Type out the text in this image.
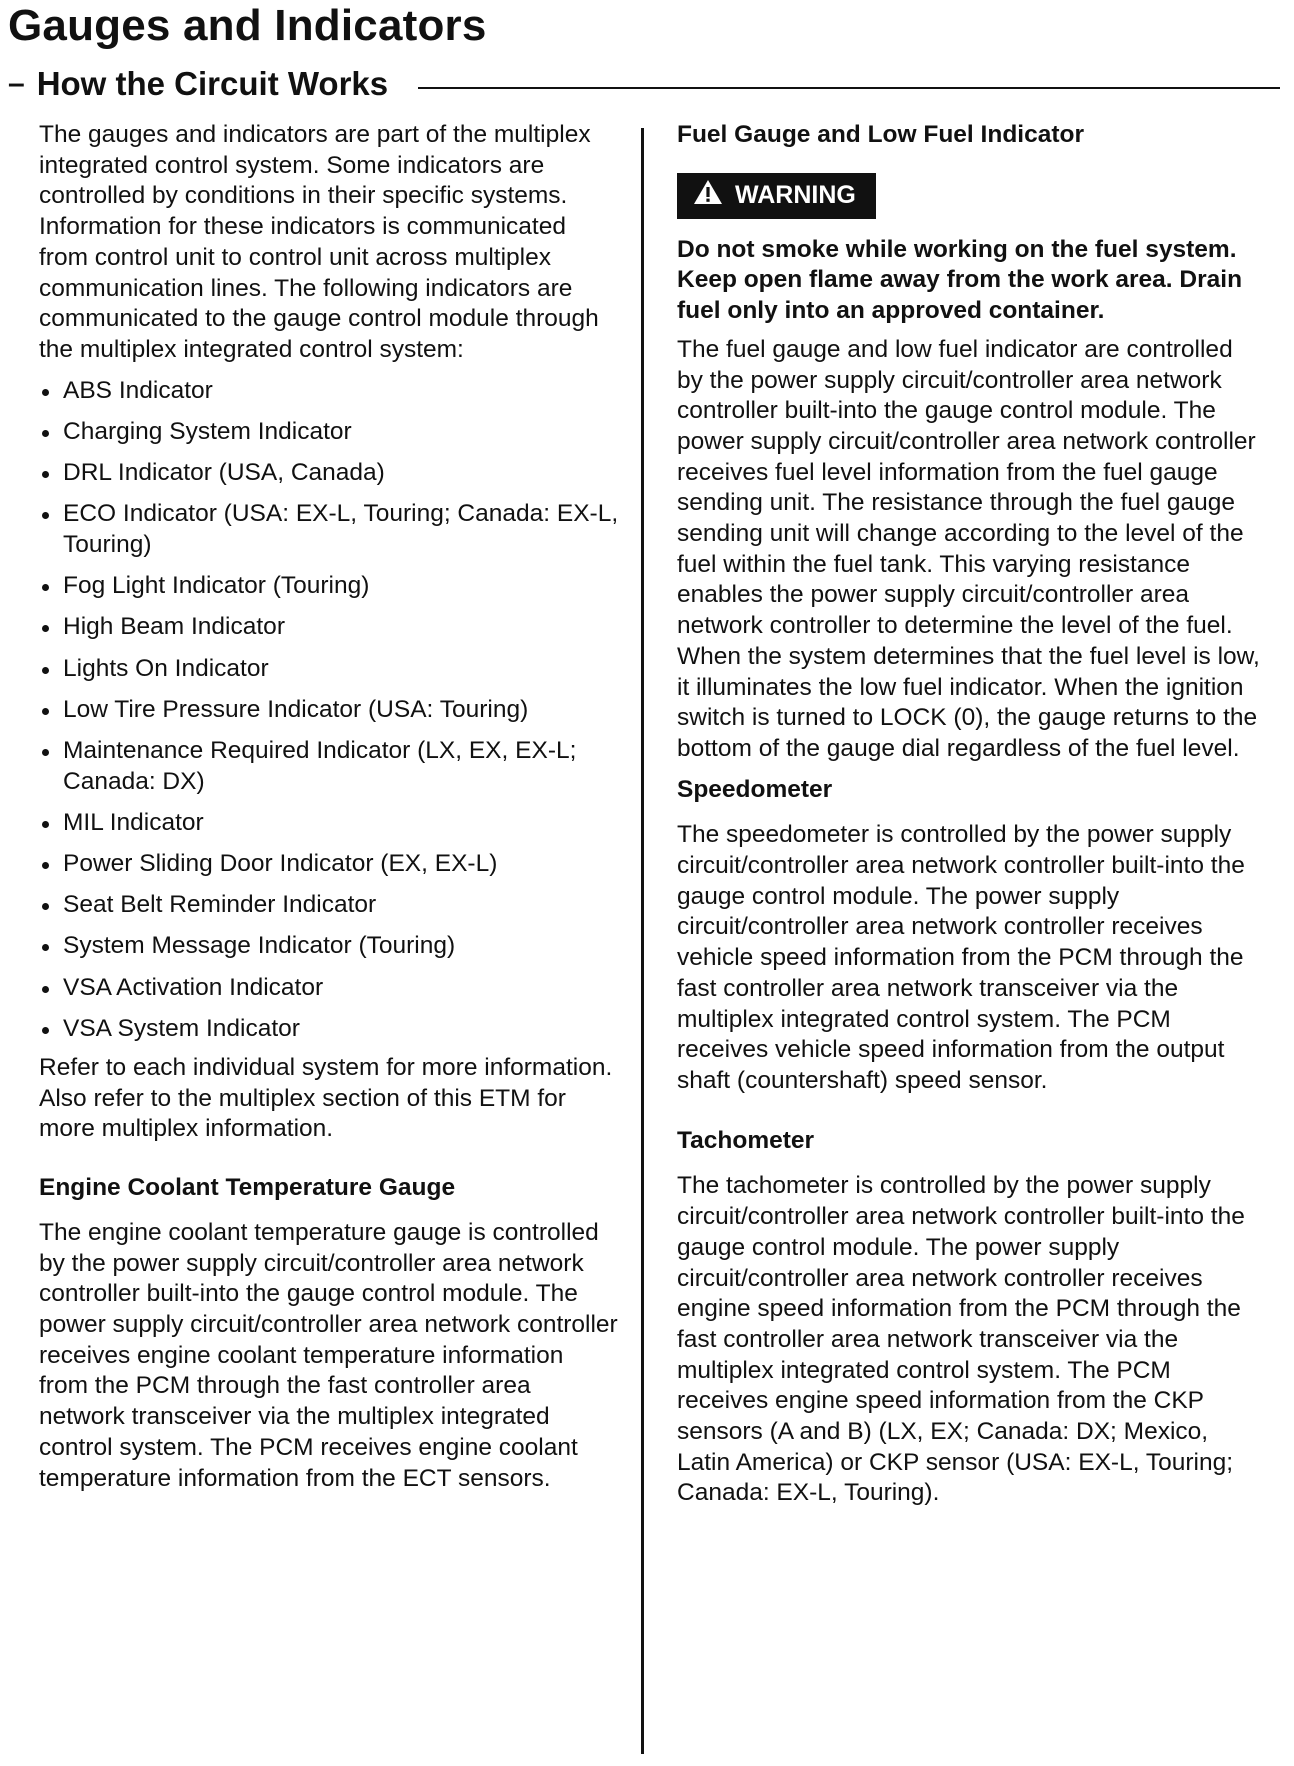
Gauges and Indicators
– How the Circuit Works

The gauges and indicators are part of the multiplex integrated control system. Some indicators are controlled by conditions in their specific systems. Information for these indicators is communicated from control unit to control unit across multiplex communication lines. The following indicators are communicated to the gauge control module through the multiplex integrated control system:

ABS Indicator
Charging System Indicator
DRL Indicator (USA, Canada)
ECO Indicator (USA: EX-L, Touring; Canada: EX-L, Touring)
Fog Light Indicator (Touring)
High Beam Indicator
Lights On Indicator
Low Tire Pressure Indicator (USA: Touring)
Maintenance Required Indicator (LX, EX, EX-L; Canada: DX)
MIL Indicator
Power Sliding Door Indicator (EX, EX-L)
Seat Belt Reminder Indicator
System Message Indicator (Touring)
VSA Activation Indicator
VSA System Indicator

Refer to each individual system for more information. Also refer to the multiplex section of this ETM for more multiplex information.

Engine Coolant Temperature Gauge

The engine coolant temperature gauge is controlled by the power supply circuit/controller area network controller built-into the gauge control module. The power supply circuit/controller area network controller receives engine coolant temperature information from the PCM through the fast controller area network transceiver via the multiplex integrated control system. The PCM receives engine coolant temperature information from the ECT sensors.

Fuel Gauge and Low Fuel Indicator

WARNING

Do not smoke while working on the fuel system. Keep open flame away from the work area. Drain fuel only into an approved container.

The fuel gauge and low fuel indicator are controlled by the power supply circuit/controller area network controller built-into the gauge control module. The power supply circuit/controller area network controller receives fuel level information from the fuel gauge sending unit. The resistance through the fuel gauge sending unit will change according to the level of the fuel within the fuel tank. This varying resistance enables the power supply circuit/controller area network controller to determine the level of the fuel. When the system determines that the fuel level is low, it illuminates the low fuel indicator. When the ignition switch is turned to LOCK (0), the gauge returns to the bottom of the gauge dial regardless of the fuel level.

Speedometer

The speedometer is controlled by the power supply circuit/controller area network controller built-into the gauge control module. The power supply circuit/controller area network controller receives vehicle speed information from the PCM through the fast controller area network transceiver via the multiplex integrated control system. The PCM receives vehicle speed information from the output shaft (countershaft) speed sensor.

Tachometer

The tachometer is controlled by the power supply circuit/controller area network controller built-into the gauge control module. The power supply circuit/controller area network controller receives engine speed information from the PCM through the fast controller area network transceiver via the multiplex integrated control system. The PCM receives engine speed information from the CKP sensors (A and B) (LX, EX; Canada: DX; Mexico, Latin America) or CKP sensor (USA: EX-L, Touring; Canada: EX-L, Touring).
